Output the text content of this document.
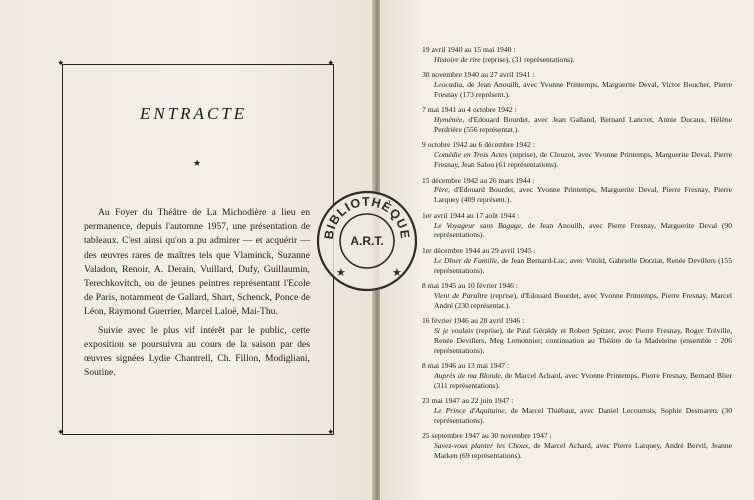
✦	✦
✦	✦
ENTRACTE
★

Au Foyer du Théâtre de La Michodière a lieu en permanence, depuis l'automne 1957, une présentation de tableaux. C'est ainsi qu'on a pu admirer — et acquérir — des œuvres rares de maîtres tels que Vlaminck, Suzanne Valadon, Renoir, A. Derain, Vuillard, Dufy, Guillaumin, Terechkovitch, ou de jeunes peintres représentant l'Ecole de Paris, notamment de Gallard, Shart, Schenck, Ponce de Léon, Raymond Guerrier, Marcel Laloë, Mai-Thu.

Suivie avec le plus vif intérêt par le public, cette exposition se poursuivra au cours de la saison par des œuvres signées Lydie Chantrell, Ch. Fillon, Modigliani, Soutine.

19 avril 1940 au 15 mai 1940 :
Histoire de rire (reprise), (31 représentations).
30 novembre 1940 au 27 avril 1941 :
Leocadia, de Jean Anouilh, avec Yvonne Printemps, Marguerite Deval, Victor Boucher, Pierre Fresnay (173 représent.).
7 mai 1941 au 4 octobre 1942 :
Hyménée, d'Edouard Bourdet, avec Jean Galland, Bernard Lancret, Annie Ducaux, Hélène Perdrière (556 représentat.).
9 octobre 1942 au 6 décembre 1942 :
Comédie en Trois Actes (reprise), de Clouzot, avec Yvonne Printemps, Marguerite Deval, Pierre Fresnay, Jean Salou (61 représentations).
15 décembre 1942 au 26 mars 1944 :
Père, d'Edouard Bourdet, avec Yvonne Printemps, Marguerite Deval, Pierre Fresnay, Pierre Larquey (409 représent.).
1er avril 1944 au 17 août 1944 :
Le Voyageur sans Bagage, de Jean Anouilh, avec Pierre Fresnay, Marguerite Deval (90 représentations).
1er décembre 1944 au 29 avril 1945 :
Le Dîner de Famille, de Jean Bernard-Luc, avec Vitold, Gabrielle Dorziat, Renée Devillers (155 représentations).
8 mai 1945 au 10 février 1946 :
Vient de Paraître (reprise), d'Edouard Bourdet, avec Yvonne Printemps, Pierre Fresnay, Marcel André (230 représentat.).
16 février 1946 au 28 avril 1946 :
Si je voulais (reprise), de Paul Géraldy et Robert Spitzer, avec Pierre Fresnay, Roger Tréville, Renée Devillers, Meg Lemonnier; continuation au Théâtre de la Madeleine (ensemble : 206 représentations).
8 mai 1946 au 13 mai 1947 :
Auprès de ma Blonde, de Marcel Achard, avec Yvonne Printemps, Pierre Fresnay, Bernard Blier (311 représentations).
23 mai 1947 au 22 juin 1947 :
Le Prince d'Aquitaine, de Marcel Thiébaut, avec Daniel Lecourtois, Sophie Desmarets (30 représentations).
25 septembre 1947 au 30 novembre 1947 :
Savez-vous planter les Choux, de Marcel Achard, avec Pierre Larquey, André Bervil, Jeanne Marken (69 représentations).
BIBLIOTHÈQUE
A.R.T.
★	★
